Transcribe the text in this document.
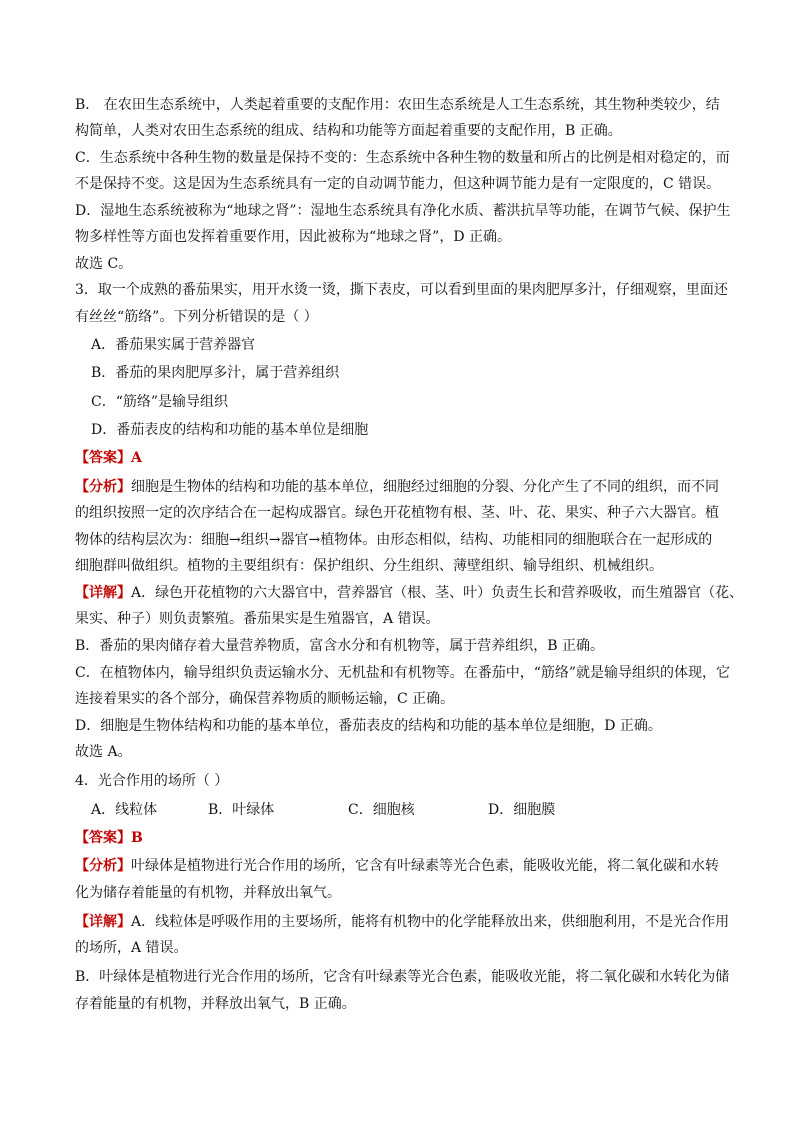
B． 在农田生态系统中，人类起着重要的支配作用：农田生态系统是人工生态系统，其生物种类较少，结
构简单，人类对农田生态系统的组成、结构和功能等方面起着重要的支配作用，B 正确。
C．生态系统中各种生物的数量是保持不变的：生态系统中各种生物的数量和所占的比例是相对稳定的，而
不是保持不变。这是因为生态系统具有一定的自动调节能力，但这种调节能力是有一定限度的，C 错误。
D．湿地生态系统被称为“地球之肾”：湿地生态系统具有净化水质、蓄洪抗旱等功能，在调节气候、保护生
物多样性等方面也发挥着重要作用，因此被称为“地球之肾”，D 正确。
故选 C。
3．取一个成熟的番茄果实，用开水烫一烫，撕下表皮，可以看到里面的果肉肥厚多汁，仔细观察，里面还
有丝丝“筋络”。下列分析错误的是（ ）
A．番茄果实属于营养器官
B．番茄的果肉肥厚多汁，属于营养组织
C．“筋络”是输导组织
D．番茄表皮的结构和功能的基本单位是细胞
【答案】A
【分析】细胞是生物体的结构和功能的基本单位，细胞经过细胞的分裂、分化产生了不同的组织，而不同
的组织按照一定的次序结合在一起构成器官。绿色开花植物有根、茎、叶、花、果实、种子六大器官。植
物体的结构层次为：细胞→组织→器官→植物体。由形态相似，结构、功能相同的细胞联合在一起形成的
细胞群叫做组织。植物的主要组织有：保护组织、分生组织、薄壁组织、输导组织、机械组织。
【详解】A．绿色开花植物的六大器官中，营养器官（根、茎、叶）负责生长和营养吸收，而生殖器官（花、
果实、种子）则负责繁殖。番茄果实是生殖器官，A 错误。
B．番茄的果肉储存着大量营养物质，富含水分和有机物等，属于营养组织，B 正确。
C．在植物体内，输导组织负责运输水分、无机盐和有机物等。在番茄中，“筋络”就是输导组织的体现，它
连接着果实的各个部分，确保营养物质的顺畅运输，C 正确。
D．细胞是生物体结构和功能的基本单位，番茄表皮的结构和功能的基本单位是细胞，D 正确。
故选 A。
4．光合作用的场所（ ）
A．线粒体	B．叶绿体	C．细胞核	D．细胞膜
【答案】B
【分析】叶绿体是植物进行光合作用的场所，它含有叶绿素等光合色素，能吸收光能，将二氧化碳和水转
化为储存着能量的有机物，并释放出氧气。
【详解】A．线粒体是呼吸作用的主要场所，能将有机物中的化学能释放出来，供细胞利用，不是光合作用
的场所，A 错误。
B．叶绿体是植物进行光合作用的场所，它含有叶绿素等光合色素，能吸收光能，将二氧化碳和水转化为储
存着能量的有机物，并释放出氧气，B 正确。
